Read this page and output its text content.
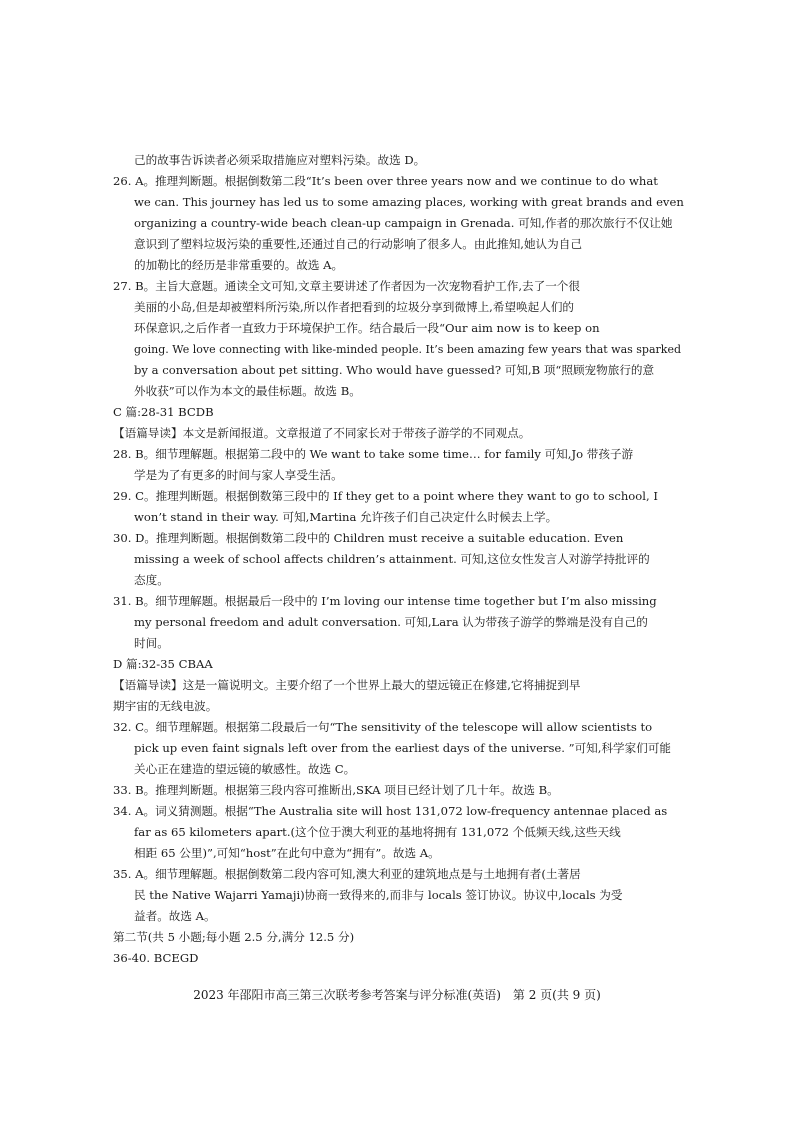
己的故事告诉读者必须采取措施应对塑料污染。故选 D。
26. A。推理判断题。根据倒数第二段“It’s been over three years now and we continue to do what
we can. This journey has led us to some amazing places, working with great brands and even
organizing a country-wide beach clean-up campaign in Grenada. 可知,作者的那次旅行不仅让她
意识到了塑料垃圾污染的重要性,还通过自己的行动影响了很多人。由此推知,她认为自己
的加勒比的经历是非常重要的。故选 A。
27. B。主旨大意题。通读全文可知,文章主要讲述了作者因为一次宠物看护工作,去了一个很
美丽的小岛,但是却被塑料所污染,所以作者把看到的垃圾分享到微博上,希望唤起人们的
环保意识,之后作者一直致力于环境保护工作。结合最后一段“Our aim now is to keep on
going. We love connecting with like-minded people. It’s been amazing few years that was sparked
by a conversation about pet sitting. Who would have guessed? 可知,B 项“照顾宠物旅行的意
外收获”可以作为本文的最佳标题。故选 B。
C 篇:28-31 BCDB
【语篇导读】本文是新闻报道。文章报道了不同家长对于带孩子游学的不同观点。
28. B。细节理解题。根据第二段中的 We want to take some time… for family 可知,Jo 带孩子游
学是为了有更多的时间与家人享受生活。
29. C。推理判断题。根据倒数第三段中的 If they get to a point where they want to go to school, I
won’t stand in their way. 可知,Martina 允许孩子们自己决定什么时候去上学。
30. D。推理判断题。根据倒数第二段中的 Children must receive a suitable education. Even
missing a week of school affects children’s attainment. 可知,这位女性发言人对游学持批评的
态度。
31. B。细节理解题。根据最后一段中的 I’m loving our intense time together but I’m also missing
my personal freedom and adult conversation. 可知,Lara 认为带孩子游学的弊端是没有自己的
时间。
D 篇:32-35 CBAA
【语篇导读】这是一篇说明文。主要介绍了一个世界上最大的望远镜正在修建,它将捕捉到早
期宇宙的无线电波。
32. C。细节理解题。根据第二段最后一句“The sensitivity of the telescope will allow scientists to
pick up even faint signals left over from the earliest days of the universe. ”可知,科学家们可能
关心正在建造的望远镜的敏感性。故选 C。
33. B。推理判断题。根据第三段内容可推断出,SKA 项目已经计划了几十年。故选 B。
34. A。词义猜测题。根据“The Australia site will host 131,072 low-frequency antennae placed as
far as 65 kilometers apart.(这个位于澳大利亚的基地将拥有 131,072 个低频天线,这些天线
相距 65 公里)”,可知“host”在此句中意为“拥有”。故选 A。
35. A。细节理解题。根据倒数第二段内容可知,澳大利亚的建筑地点是与土地拥有者(土著居
民 the Native Wajarri Yamaji)协商一致得来的,而非与 locals 签订协议。协议中,locals 为受
益者。故选 A。
第二节(共 5 小题;每小题 2.5 分,满分 12.5 分)
36-40. BCEGD
2023 年邵阳市高三第三次联考参考答案与评分标准(英语)　第 2 页(共 9 页)
